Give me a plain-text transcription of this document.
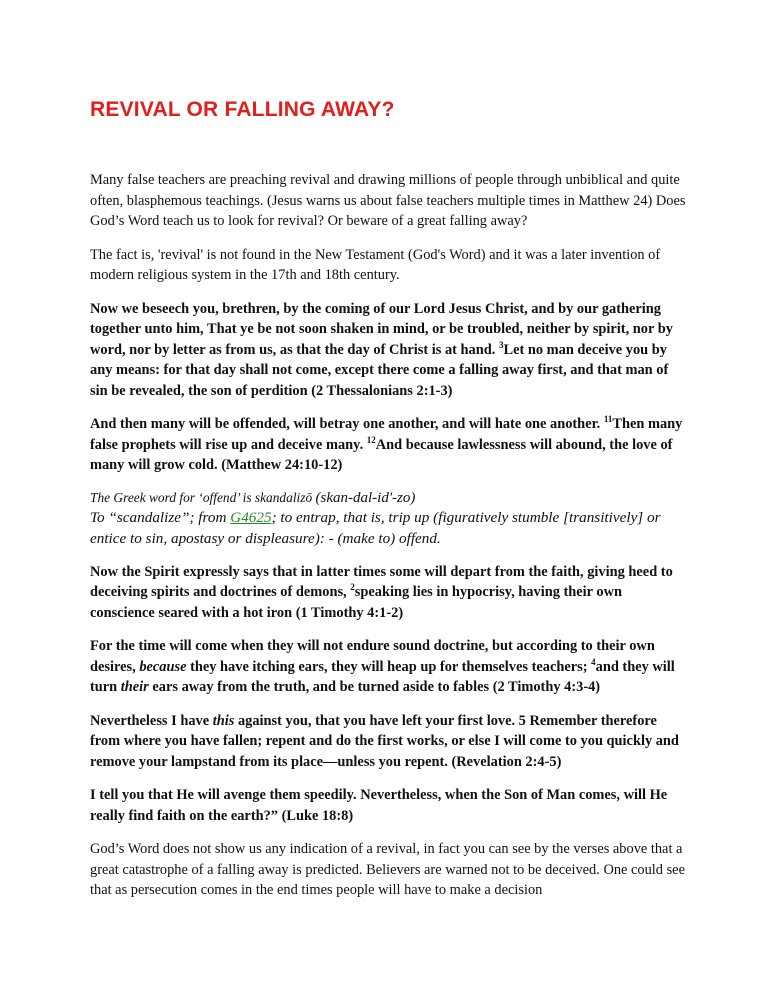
REVIVAL OR FALLING AWAY?

Many false teachers are preaching revival and drawing millions of people through unbiblical and quite often, blasphemous teachings. (Jesus warns us about false teachers multiple times in Matthew 24) Does God’s Word teach us to look for revival? Or beware of a great falling away?

The fact is, 'revival' is not found in the New Testament (God's Word) and it was a later invention of modern religious system in the 17th and 18th century.

Now we beseech you, brethren, by the coming of our Lord Jesus Christ, and by our gathering together unto him, That ye be not soon shaken in mind, or be troubled, neither by spirit, nor by word, nor by letter as from us, as that the day of Christ is at hand. $^3$Let no man deceive you by any means: for that day shall not come, except there come a falling away first, and that man of sin be revealed, the son of perdition (2 Thessalonians 2:1-3)

And then many will be offended, will betray one another, and will hate one another. $^{11}$Then many false prophets will rise up and deceive many. $^{12}$And because lawlessness will abound, the love of many will grow cold. (Matthew 24:10-12)

The Greek word for ‘offend’ is skandalizō (skan-dal-id'-zo)

To “scandalize”; from G4625; to entrap, that is, trip up (figuratively stumble [transitively] or entice to sin, apostasy or displeasure): - (make to) offend.

Now the Spirit expressly says that in latter times some will depart from the faith, giving heed to deceiving spirits and doctrines of demons, $^2$speaking lies in hypocrisy, having their own conscience seared with a hot iron (1 Timothy 4:1-2)

For the time will come when they will not endure sound doctrine, but according to their own desires, because they have itching ears, they will heap up for themselves teachers; $^4$and they will turn their ears away from the truth, and be turned aside to fables (2 Timothy 4:3-4)

Nevertheless I have this against you, that you have left your first love. 5 Remember therefore from where you have fallen; repent and do the first works, or else I will come to you quickly and remove your lampstand from its place—unless you repent. (Revelation 2:4-5)

I tell you that He will avenge them speedily. Nevertheless, when the Son of Man comes, will He really find faith on the earth?” (Luke 18:8)

God’s Word does not show us any indication of a revival, in fact you can see by the verses above that a great catastrophe of a falling away is predicted. Believers are warned not to be deceived. One could see that as persecution comes in the end times people will have to make a decision
